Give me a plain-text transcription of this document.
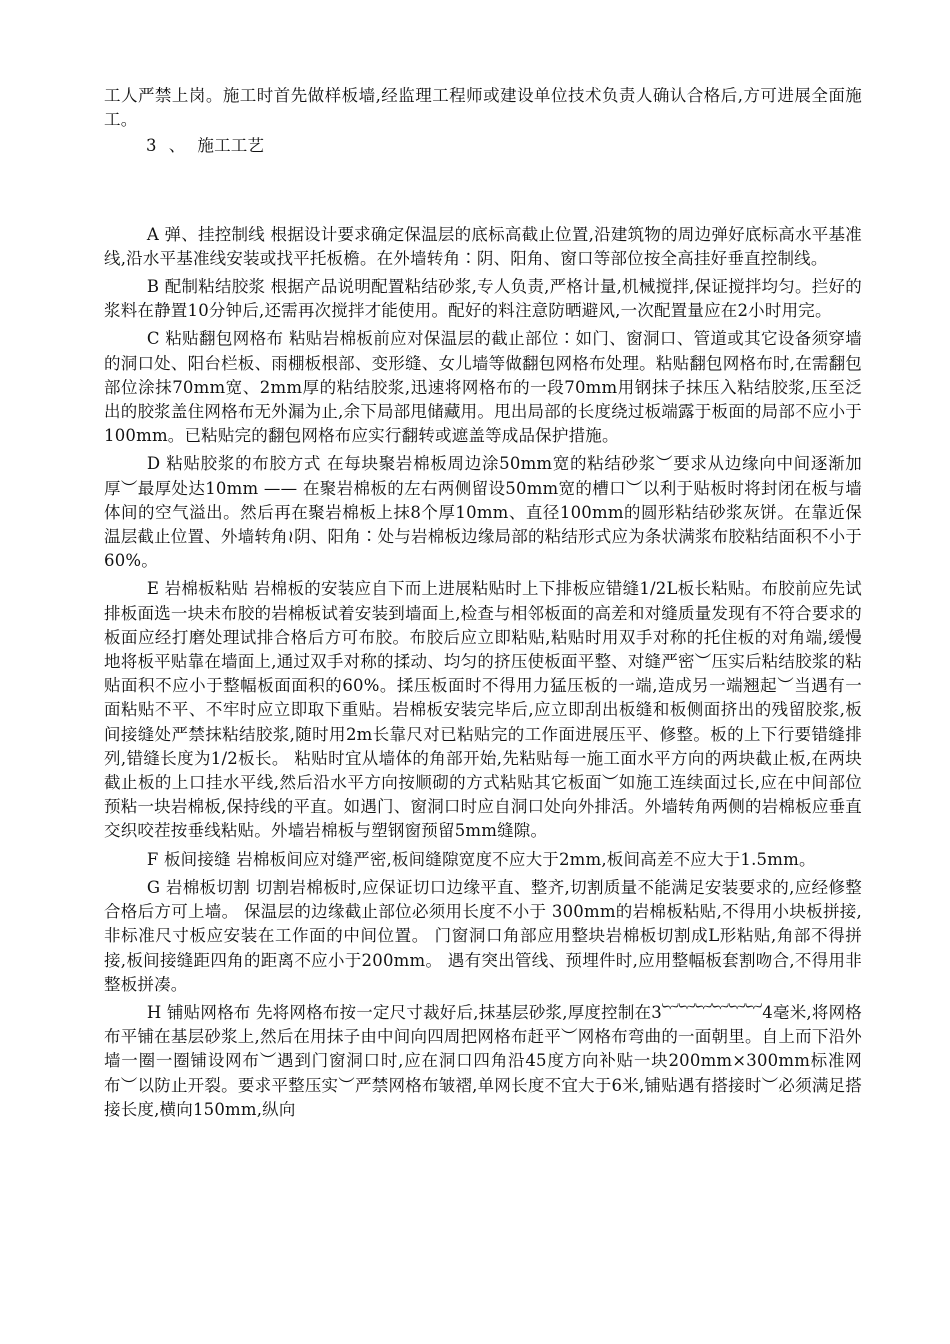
工人严禁上岗。施工时首先做样板墙,经监理工程师或建设单位技术负责人确认合格后,方可进展全面施工。

3 、 施工工艺

A 弹、挂控制线 根据设计要求确定保温层的底标高截止位置,沿建筑物的周边弹好底标高水平基准线,沿水平基准线安装或找平托板檐。在外墙转角∶阴、阳角、窗口等部位按全高挂好垂直控制线。

B 配制粘结胶浆 根据产品说明配置粘结砂浆,专人负责,严格计量,机械搅拌,保证搅拌均匀。拦好的浆料在静置10分钟后,还需再次搅拌才能使用。配好的料注意防晒避风,一次配置量应在2小时用完。

C 粘贴翻包网格布 粘贴岩棉板前应对保温层的截止部位∶如门、窗洞口、管道或其它设备须穿墙的洞口处、阳台栏板、雨棚板根部、变形缝、女儿墙等做翻包网格布处理。粘贴翻包网格布时,在需翻包部位涂抹70mm宽、2mm厚的粘结胶浆,迅速将网格布的一段70mm用钢抹子抹压入粘结胶浆,压至泛出的胶浆盖住网格布无外漏为止,余下局部甩储藏用。甩出局部的长度绕过板端露于板面的局部不应小于100mm。已粘贴完的翻包网格布应实行翻转或遮盖等成品保护措施。

D 粘贴胶浆的布胶方式 在每块聚岩棉板周边涂50mm宽的粘结砂浆︶要求从边缘向中间逐渐加厚︶最厚处达10mm —— 在聚岩棉板的左右两侧留设50mm宽的槽口︶以利于贴板时将封闭在板与墙体间的空气溢出。然后再在聚岩棉板上抹8个厚10mm、直径100mm的圆形粘结砂浆灰饼。在靠近保温层截止位置、外墙转角≀阴、阳角∶处与岩棉板边缘局部的粘结形式应为条状满浆布胶粘结面积不小于60%。

E 岩棉板粘贴 岩棉板的安装应自下而上进展粘贴时上下排板应错缝1/2L板长粘贴。布胶前应先试排板面选一块未布胶的岩棉板试着安装到墙面上,检查与相邻板面的高差和对缝质量发现有不符合要求的板面应经打磨处理试排合格后方可布胶。布胶后应立即粘贴,粘贴时用双手对称的托住板的对角端,缓慢地将板平贴靠在墙面上,通过双手对称的揉动、均匀的挤压使板面平整、对缝严密︶压实后粘结胶浆的粘贴面积不应小于整幅板面面积的60%。揉压板面时不得用力猛压板的一端,造成另一端翘起︶当遇有一面粘贴不平、不牢时应立即取下重贴。岩棉板安装完毕后,应立即刮出板缝和板侧面挤出的残留胶浆,板间接缝处严禁抹粘结胶浆,随时用2m长靠尺对已粘贴完的工作面进展压平、修整。板的上下行要错缝排列,错缝长度为1/2板长。 粘贴时宜从墙体的角部开始,先粘贴每一施工面水平方向的两块截止板,在两块截止板的上口挂水平线,然后沿水平方向按顺砌的方式粘贴其它板面︶如施工连续面过长,应在中间部位预粘一块岩棉板,保持线的平直。如遇门、窗洞口时应自洞口处向外排活。外墙转角两侧的岩棉板应垂直交织咬茬按垂线粘贴。外墙岩棉板与塑钢窗预留5mm缝隙。

F 板间接缝 岩棉板间应对缝严密,板间缝隙宽度不应大于2mm,板间高差不应大于1.5mm。

G 岩棉板切割 切割岩棉板时,应保证切口边缘平直、整齐,切割质量不能满足安装要求的,应经修整合格后方可上墙。 保温层的边缘截止部位必须用长度不小于 300mm的岩棉板粘贴,不得用小块板拼接,非标准尺寸板应安装在工作面的中间位置。 门窗洞口角部应用整块岩棉板切割成L形粘贴,角部不得拼接,板间接缝距四角的距离不应小于200mm。 遇有突出管线、预埋件时,应用整幅板套割吻合,不得用非整板拼凑。

H 铺贴网格布 先将网格布按一定尺寸裁好后,抹基层砂浆,厚度控制在3︸︸︸︸︸︸4毫米,将网格布平铺在基层砂浆上,然后在用抹子由中间向四周把网格布赶平︶网格布弯曲的一面朝里。自上而下沿外墙一圈一圈铺设网布︶遇到门窗洞口时,应在洞口四角沿45度方向补贴一块200mm×300mm标准网布︶以防止开裂。要求平整压实︶严禁网格布皱褶,单网长度不宜大于6米,铺贴遇有搭接时︶必须满足搭接长度,横向150mm,纵向
